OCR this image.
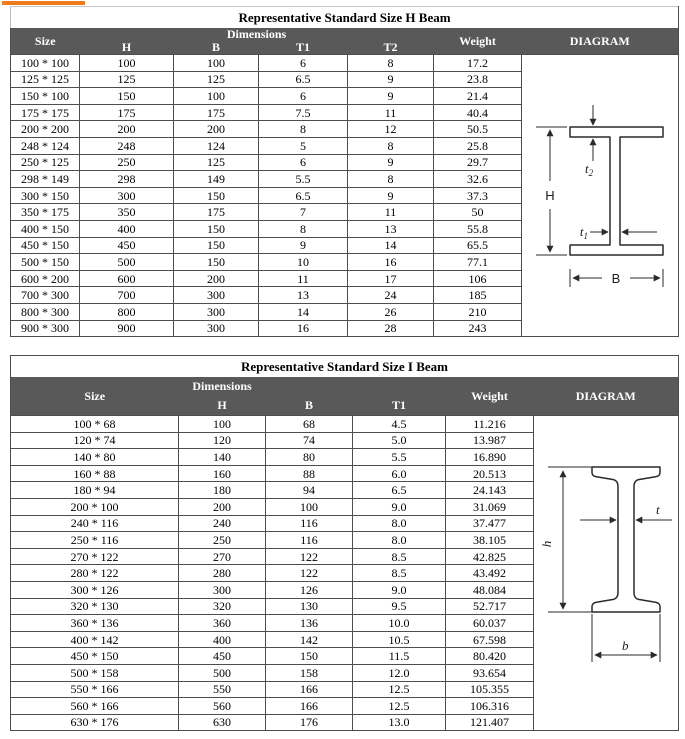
Representative Standard Size H Beam						
Size	Dimensions				Weight	DIAGRAM
	H	B	T1	T2		
100 * 100	100	100	6	8	17.2	H
B
$t_2$
$t_1$

125 * 125	125	125	6.5	9	23.8	
150 * 100	150	100	6	9	21.4	
175 * 175	175	175	7.5	11	40.4	
200 * 200	200	200	8	12	50.5	
248 * 124	248	124	5	8	25.8	
250 * 125	250	125	6	9	29.7	
298 * 149	298	149	5.5	8	32.6	
300 * 150	300	150	6.5	9	37.3	
350 * 175	350	175	7	11	50	
400 * 150	400	150	8	13	55.8	
450 * 150	450	150	9	14	65.5	
500 * 150	500	150	10	16	77.1	
600 * 200	600	200	11	17	106	
700 * 300	700	300	13	24	185	
800 * 300	800	300	14	26	210	
900 * 300	900	300	16	28	243	
Representative Standard Size I Beam					
Size	Dimensions			Weight	DIAGRAM
	H	B	T1		
100 * 68	100	68	4.5	11.216	h
t
b

120 * 74	120	74	5.0	13.987	
140 * 80	140	80	5.5	16.890	
160 * 88	160	88	6.0	20.513	
180 * 94	180	94	6.5	24.143	
200 * 100	200	100	9.0	31.069	
240 * 116	240	116	8.0	37.477	
250 * 116	250	116	8.0	38.105	
270 * 122	270	122	8.5	42.825	
280 * 122	280	122	8.5	43.492	
300 * 126	300	126	9.0	48.084	
320 * 130	320	130	9.5	52.717	
360 * 136	360	136	10.0	60.037	
400 * 142	400	142	10.5	67.598	
450 * 150	450	150	11.5	80.420	
500 * 158	500	158	12.0	93.654	
550 * 166	550	166	12.5	105.355	
560 * 166	560	166	12.5	106.316	
630 * 176	630	176	13.0	121.407	
